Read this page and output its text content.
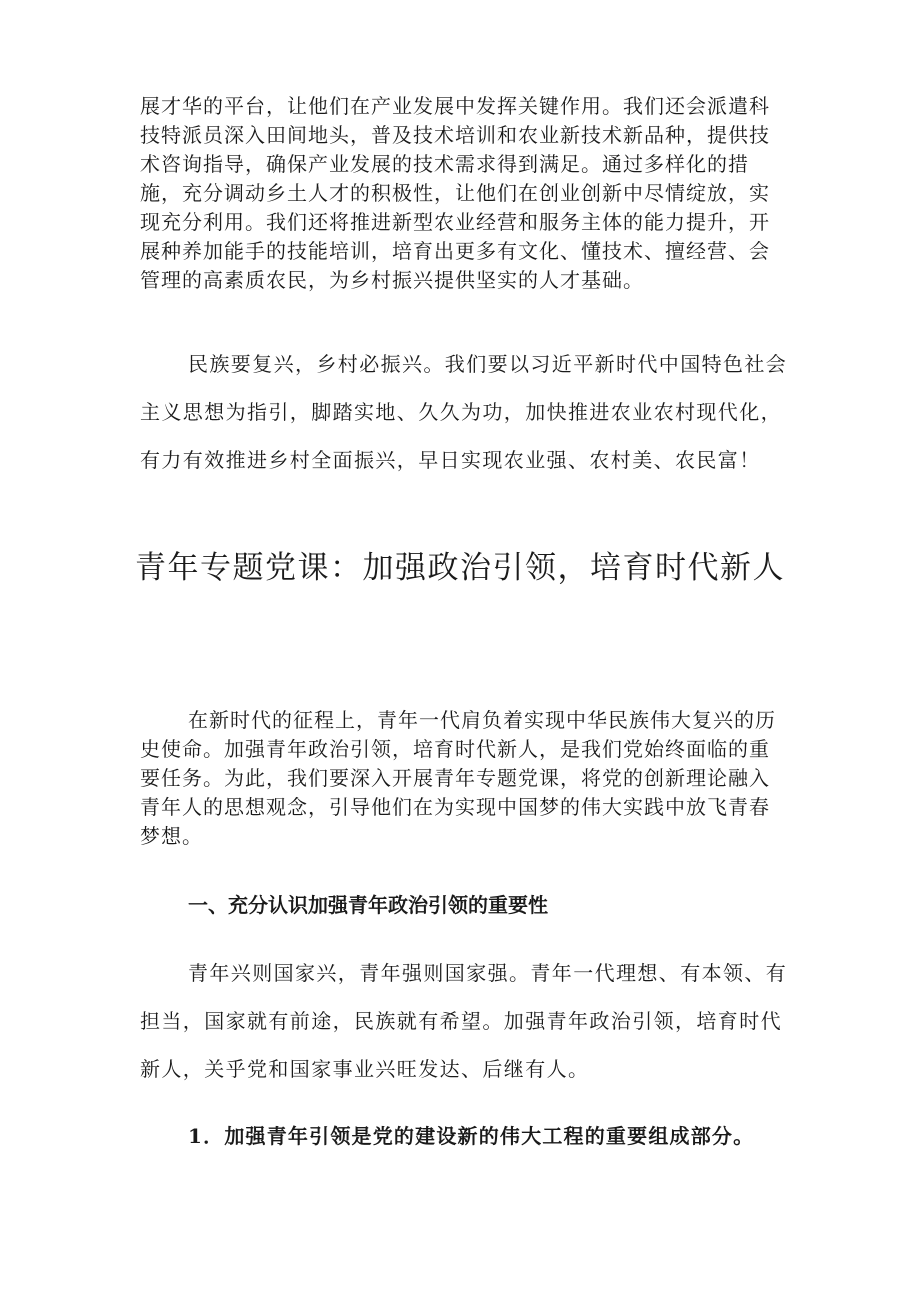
展才华的平台，让他们在产业发展中发挥关键作用。我们还会派遣科技特派员深入田间地头，普及技术培训和农业新技术新品种，提供技术咨询指导，确保产业发展的技术需求得到满足。通过多样化的措施，充分调动乡土人才的积极性，让他们在创业创新中尽情绽放，实现充分利用。我们还将推进新型农业经营和服务主体的能力提升，开展种养加能手的技能培训，培育出更多有文化、懂技术、擅经营、会管理的高素质农民，为乡村振兴提供坚实的人才基础。

民族要复兴，乡村必振兴。我们要以习近平新时代中国特色社会主义思想为指引，脚踏实地、久久为功，加快推进农业农村现代化，有力有效推进乡村全面振兴，早日实现农业强、农村美、农民富！

青年专题党课：加强政治引领，培育时代新人

在新时代的征程上，青年一代肩负着实现中华民族伟大复兴的历史使命。加强青年政治引领，培育时代新人，是我们党始终面临的重要任务。为此，我们要深入开展青年专题党课，将党的创新理论融入青年人的思想观念，引导他们在为实现中国梦的伟大实践中放飞青春梦想。

一、充分认识加强青年政治引领的重要性

青年兴则国家兴，青年强则国家强。青年一代理想、有本领、有担当，国家就有前途，民族就有希望。加强青年政治引领，培育时代新人，关乎党和国家事业兴旺发达、后继有人。

1．加强青年引领是党的建设新的伟大工程的重要组成部分。
